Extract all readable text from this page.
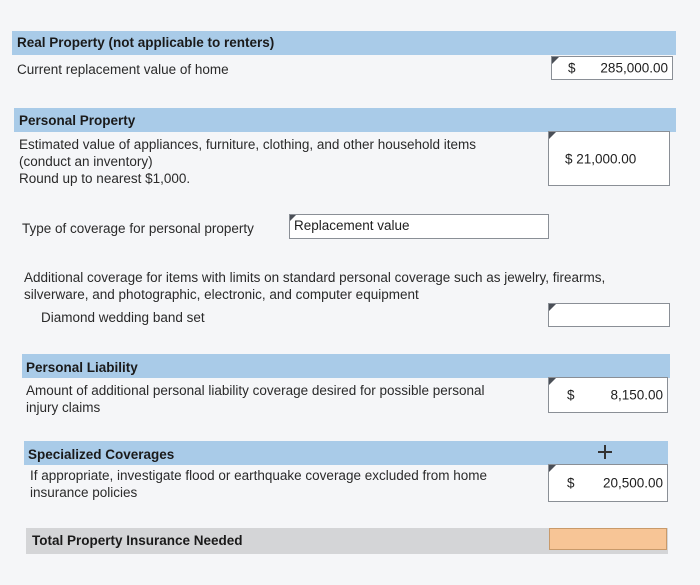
Real Property (not applicable to renters)
Current replacement value of home	$ 285,000.00
Personal Property
Estimated value of appliances, furniture, clothing, and other household items
(conduct an inventory)
Round up to nearest $1,000.
$ 21,000.00
Type of coverage for personal property	Replacement value
Additional coverage for items with limits on standard personal coverage such as jewelry, firearms,
silverware, and photographic, electronic, and computer equipment
Diamond wedding band set
Personal Liability
Amount of additional personal liability coverage desired for possible personal
injury claims
$	8,150.00
Specialized Coverages
If appropriate, investigate flood or earthquake coverage excluded from home
insurance policies
$ 20,500.00
Total Property Insurance Needed
